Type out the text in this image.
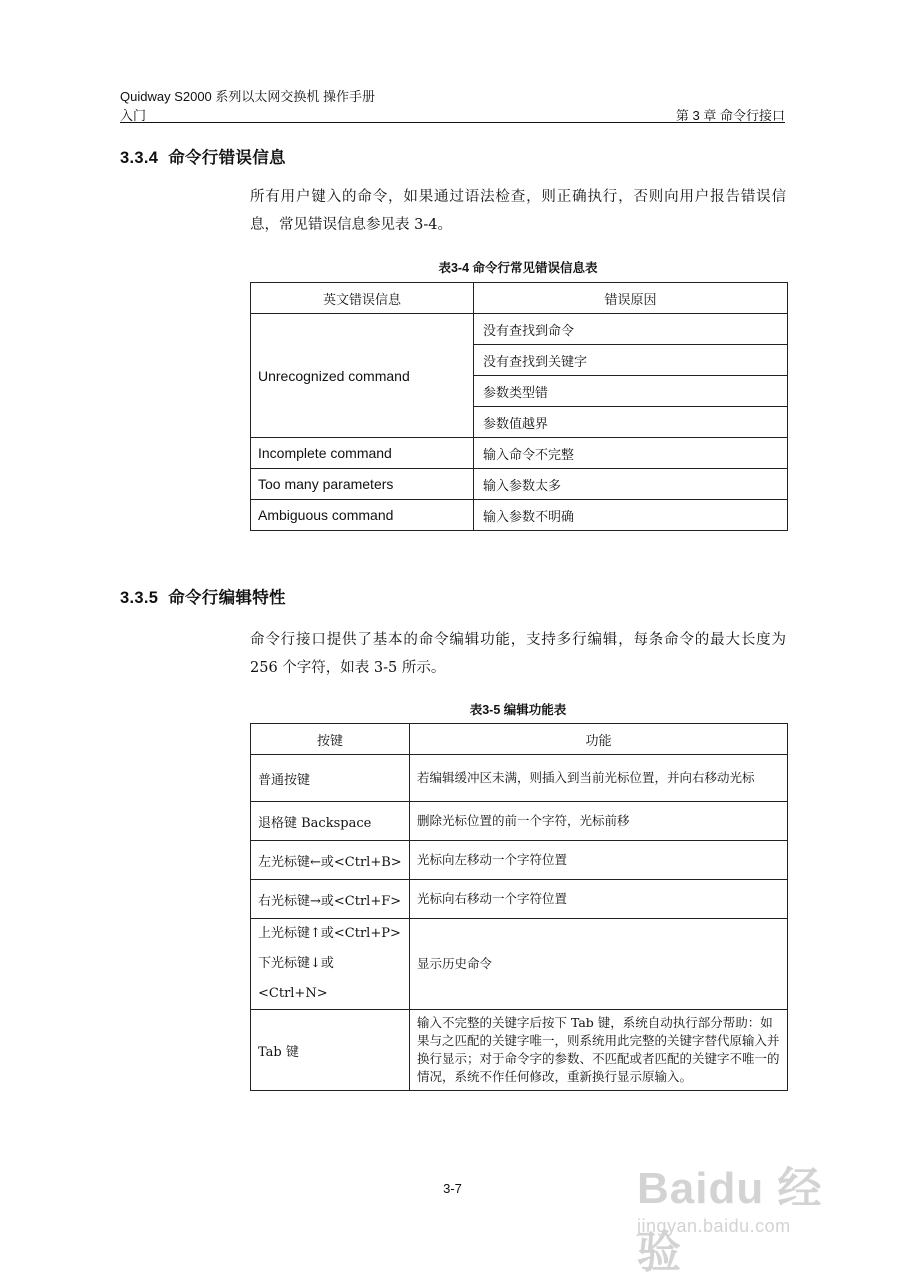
Quidway S2000 系列以太网交换机 操作手册
入门	第 3 章 命令行接口
3.3.4 命令行错误信息
所有用户键入的命令，如果通过语法检查，则正确执行，否则向用户报告错误信息，常见错误信息参见表 3-4。
表3-4 命令行常见错误信息表
英文错误信息	错误原因
Unrecognized command	没有查找到命令
	没有查找到关键字
	参数类型错
	参数值越界
Incomplete command	输入命令不完整
Too many parameters	输入参数太多
Ambiguous command	输入参数不明确
3.3.5 命令行编辑特性
命令行接口提供了基本的命令编辑功能，支持多行编辑，每条命令的最大长度为 256 个字符，如表 3-5 所示。
表3-5 编辑功能表
按键	功能
普通按键	若编辑缓冲区未满，则插入到当前光标位置，并向右移动光标
退格键 Backspace	删除光标位置的前一个字符，光标前移
左光标键←或<Ctrl+B>	光标向左移动一个字符位置
右光标键→或<Ctrl+F>	光标向右移动一个字符位置

上光标键↑或<Ctrl+P>
下光标键↓或<Ctrl+N>	显示历史命令
Tab 键	输入不完整的关键字后按下 Tab 键，系统自动执行部分帮助：如果与之匹配的关键字唯一，则系统用此完整的关键字替代原输入并换行显示；对于命令字的参数、不匹配或者匹配的关键字不唯一的情况，系统不作任何修改，重新换行显示原输入。
3-7	Baidu 经验
jingyan.baidu.com
